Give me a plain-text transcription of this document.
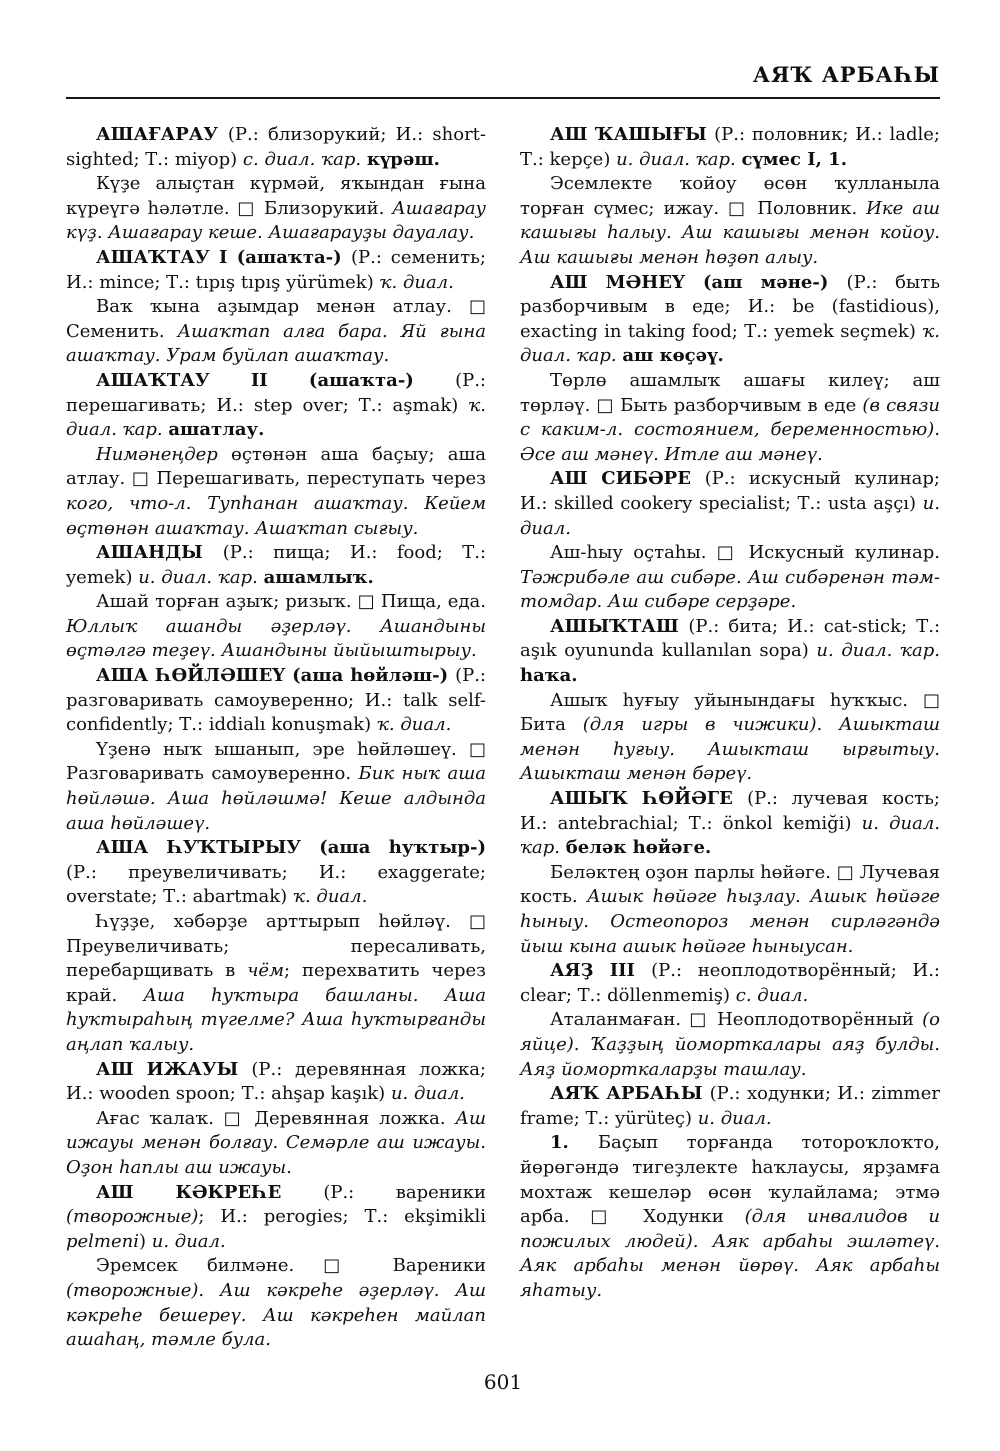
АЯҠ АРБАҺЫ

АШАҒАРАУ (Р.: близорукий; И.: short-sighted; Т.: miyop) с. диал. ҡар. күрәш.

Күҙе алыҫтан күрмәй, яҡындан ғына күреүгә һәләтле. □ Близорукий. Ашағарау күҙ. Ашағарау кеше. Ашағарауҙы дауалау.

АШАҠТАУ I (ашаҡта-) (Р.: семенить; И.: mince; Т.: tıpış tıpış yürümek) ҡ. диал.

Ваҡ ҡына аҙымдар менән атлау. □ Семенить. Ашаҡтап алға бара. Яй ғына ашаҡтау. Урам буйлап ашаҡтау.

АШАҠТАУ II (ашаҡта-) (Р.: перешагивать; И.: step over; Т.: aşmak) ҡ. диал. ҡар. ашатлау.

Нимәнеңдер өҫтөнән аша баҫыу; аша атлау. □ Перешагивать, переступать через кого, что-л. Тупһанан ашаҡтау. Кейем өҫтөнән ашаҡтау. Ашаҡтап сығыу.

АШАНДЫ (Р.: пища; И.: food; Т.: yemek) и. диал. ҡар. ашамлыҡ.

Ашай торған аҙыҡ; ризыҡ. □ Пища, еда. Юллыҡ ашанды әҙерләү. Ашандыны өҫтәлгә теҙеү. Ашандыны йыйыштырыу.

АША ҺӨЙЛӘШЕҮ (аша һөйләш-) (Р.: разговаривать самоуверенно; И.: talk self-confidently; Т.: iddialı konuşmak) ҡ. диал.

Үҙенә ныҡ ышанып, эре һөйләшеү. □ Разговаривать самоуверенно. Бик ныҡ аша һөйләшә. Аша һөйләшмә! Кеше алдында аша һөйләшеү.

АША ҺУҠТЫРЫУ (аша һуҡтыр-) (Р.: преувеличивать; И.: exaggerate; overstate; Т.: abartmak) ҡ. диал.

Һүҙҙе, хәбәрҙе арттырып һөйләү. □ Преувеличивать; пересаливать, перебарщивать в чём; перехватить через край. Аша һуҡтыра башланы. Аша һуҡтыраһың түгелме? Аша һуҡтырғанды аңлап ҡалыу.

АШ ИЖАУЫ (Р.: деревянная ложка; И.: wooden spoon; Т.: ahşap kaşık) и. диал.

Ағас ҡалаҡ. □ Деревянная ложка. Аш ижауы менән болғау. Семәрле аш ижауы. Оҙон һаплы аш ижауы.

АШ КӘКРЕҺЕ (Р.: вареники (творожные); И.: perogies; Т.: ekşimikli pelmeni) и. диал.

Эремсек билмәне. □ Вареники (творожные). Аш кәкреһе әҙерләү. Аш кәкреһе бешереү. Аш кәкреһен майлап ашаһаң, тәмле була.

АШ ҠАШЫҒЫ (Р.: половник; И.: ladle; Т.: kepçe) и. диал. ҡар. сүмес I, 1.

Эсемлекте ҡойоу өсөн ҡулланыла торған сүмес; ижау. □ Половник. Ике аш кашығы һалыу. Аш кашығы менән койоу. Аш кашығы менән һөҙөп алыу.

АШ МӘНЕҮ (аш мәне-) (Р.: быть разборчивым в еде; И.: be (fastidious), exacting in taking food; Т.: yemek seçmek) ҡ. диал. ҡар. аш көҫәү.

Төрлө ашамлыҡ ашағы килеү; аш төрләү. □ Быть разборчивым в еде (в связи с каким-л. состоянием, беременностью). Әсе аш мәнеү. Итле аш мәнеү.

АШ СИБӘРЕ (Р.: искусный кулинар; И.: skilled cookery specialist; Т.: usta aşçı) и. диал.

Аш-һыу оҫтаһы. □ Искусный кулинар. Тәжрибәле аш сибәре. Аш сибәренән тәм-томдар. Аш сибәре серҙәре.

АШЫҠТАШ (Р.: бита; И.: cat-stick; Т.: aşık oyununda kullanılan sopa) и. диал. ҡар. һаҡа.

Ашыҡ һуғыу уйынындағы һуҡҡыс. □ Бита (для игры в чижики). Ашыкташ менән һуғыу. Ашыкташ ырғытыу. Ашыкташ менән бәреү.

АШЫҠ ҺӨЙӘГЕ (Р.: лучевая кость; И.: antebrachial; Т.: önkol kemiği) и. диал. ҡар. беләк һөйәге.

Беләктең оҙон парлы һөйәге. □ Лучевая кость. Ашык һөйәге һыҙлау. Ашык һөйәге һыныу. Остеопороз менән сирләгәндә йыш кына ашык һөйәге һыныусан.

АЯҘ III (Р.: неоплодотворённый; И.: clear; Т.: döllenmemiş) с. диал.

Аталанмаған. □ Неоплодотворённый (о яйце). Ҡаҙҙың йоморткалары аяҙ булды. Аяҙ йоморткаларҙы ташлау.

АЯҠ АРБАҺЫ (Р.: ходунки; И.: zimmer frame; Т.: yürüteç) и. диал.

1. Баҫып торғанда тотороҡлоҡто, йөрөгәндә тигеҙлекте һаҡлаусы, ярҙамға мохтаж кешеләр өсөн ҡулайлама; этмә арба. □ Ходунки (для инвалидов и пожилых людей). Аяк арбаһы эшләтеү. Аяк арбаһы менән йөрөү. Аяк арбаһы яһатыу.

601
